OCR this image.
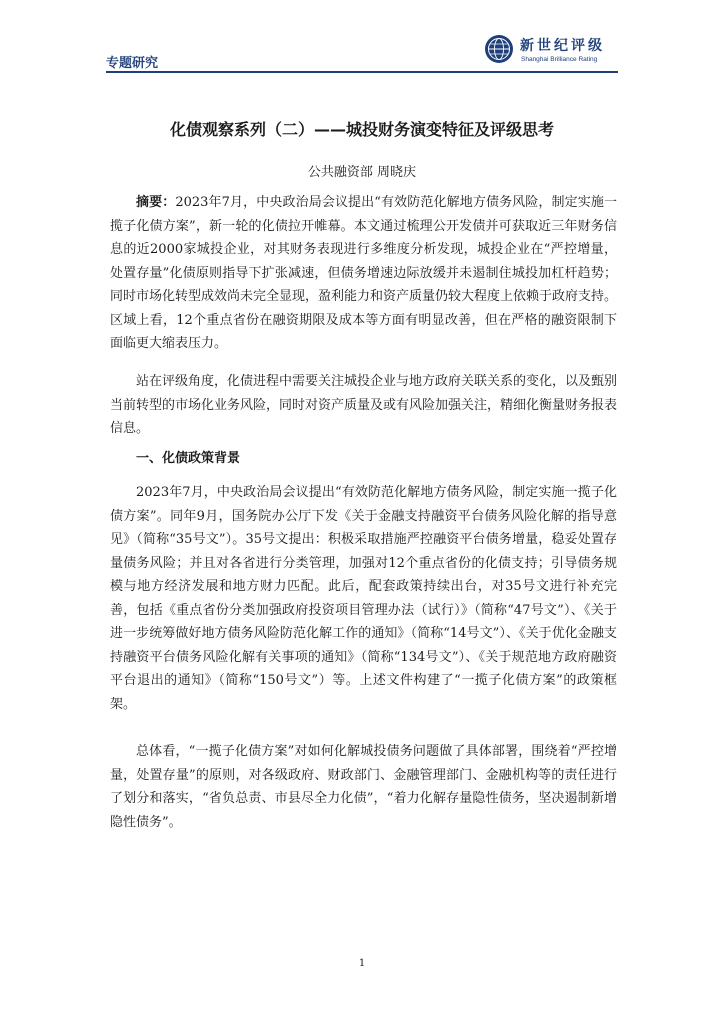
专题研究
新世纪评级
Shanghai Brilliance Rating
化债观察系列（二）——城投财务演变特征及评级思考
公共融资部 周晓庆

摘要：2023年7月，中央政治局会议提出“有效防范化解地方债务风险，制定实施一揽子化债方案”，新一轮的化债拉开帷幕。本文通过梳理公开发债并可获取近三年财务信息的近2000家城投企业，对其财务表现进行多维度分析发现，城投企业在“严控增量，处置存量”化债原则指导下扩张减速，但债务增速边际放缓并未遏制住城投加杠杆趋势；同时市场化转型成效尚未完全显现，盈利能力和资产质量仍较大程度上依赖于政府支持。区域上看，12个重点省份在融资期限及成本等方面有明显改善，但在严格的融资限制下面临更大缩表压力。

站在评级角度，化债进程中需要关注城投企业与地方政府关联关系的变化，以及甄别当前转型的市场化业务风险，同时对资产质量及或有风险加强关注，精细化衡量财务报表信息。

一、化债政策背景

2023年7月，中央政治局会议提出“有效防范化解地方债务风险，制定实施一揽子化债方案”。同年9月，国务院办公厅下发《关于金融支持融资平台债务风险化解的指导意见》（简称“35号文”）。35号文提出：积极采取措施严控融资平台债务增量，稳妥处置存量债务风险；并且对各省进行分类管理，加强对12个重点省份的化债支持；引导债务规模与地方经济发展和地方财力匹配。此后，配套政策持续出台，对35号文进行补充完善，包括《重点省份分类加强政府投资项目管理办法（试行）》（简称“47号文”）、《关于进一步统筹做好地方债务风险防范化解工作的通知》（简称“14号文”）、《关于优化金融支持融资平台债务风险化解有关事项的通知》（简称“134号文”）、《关于规范地方政府融资平台退出的通知》（简称“150号文”）等。上述文件构建了“一揽子化债方案”的政策框架。

总体看，“一揽子化债方案”对如何化解城投债务问题做了具体部署，围绕着“严控增量，处置存量”的原则，对各级政府、财政部门、金融管理部门、金融机构等的责任进行了划分和落实，“省负总责、市县尽全力化债”，“着力化解存量隐性债务，坚决遏制新增隐性债务”。

1
